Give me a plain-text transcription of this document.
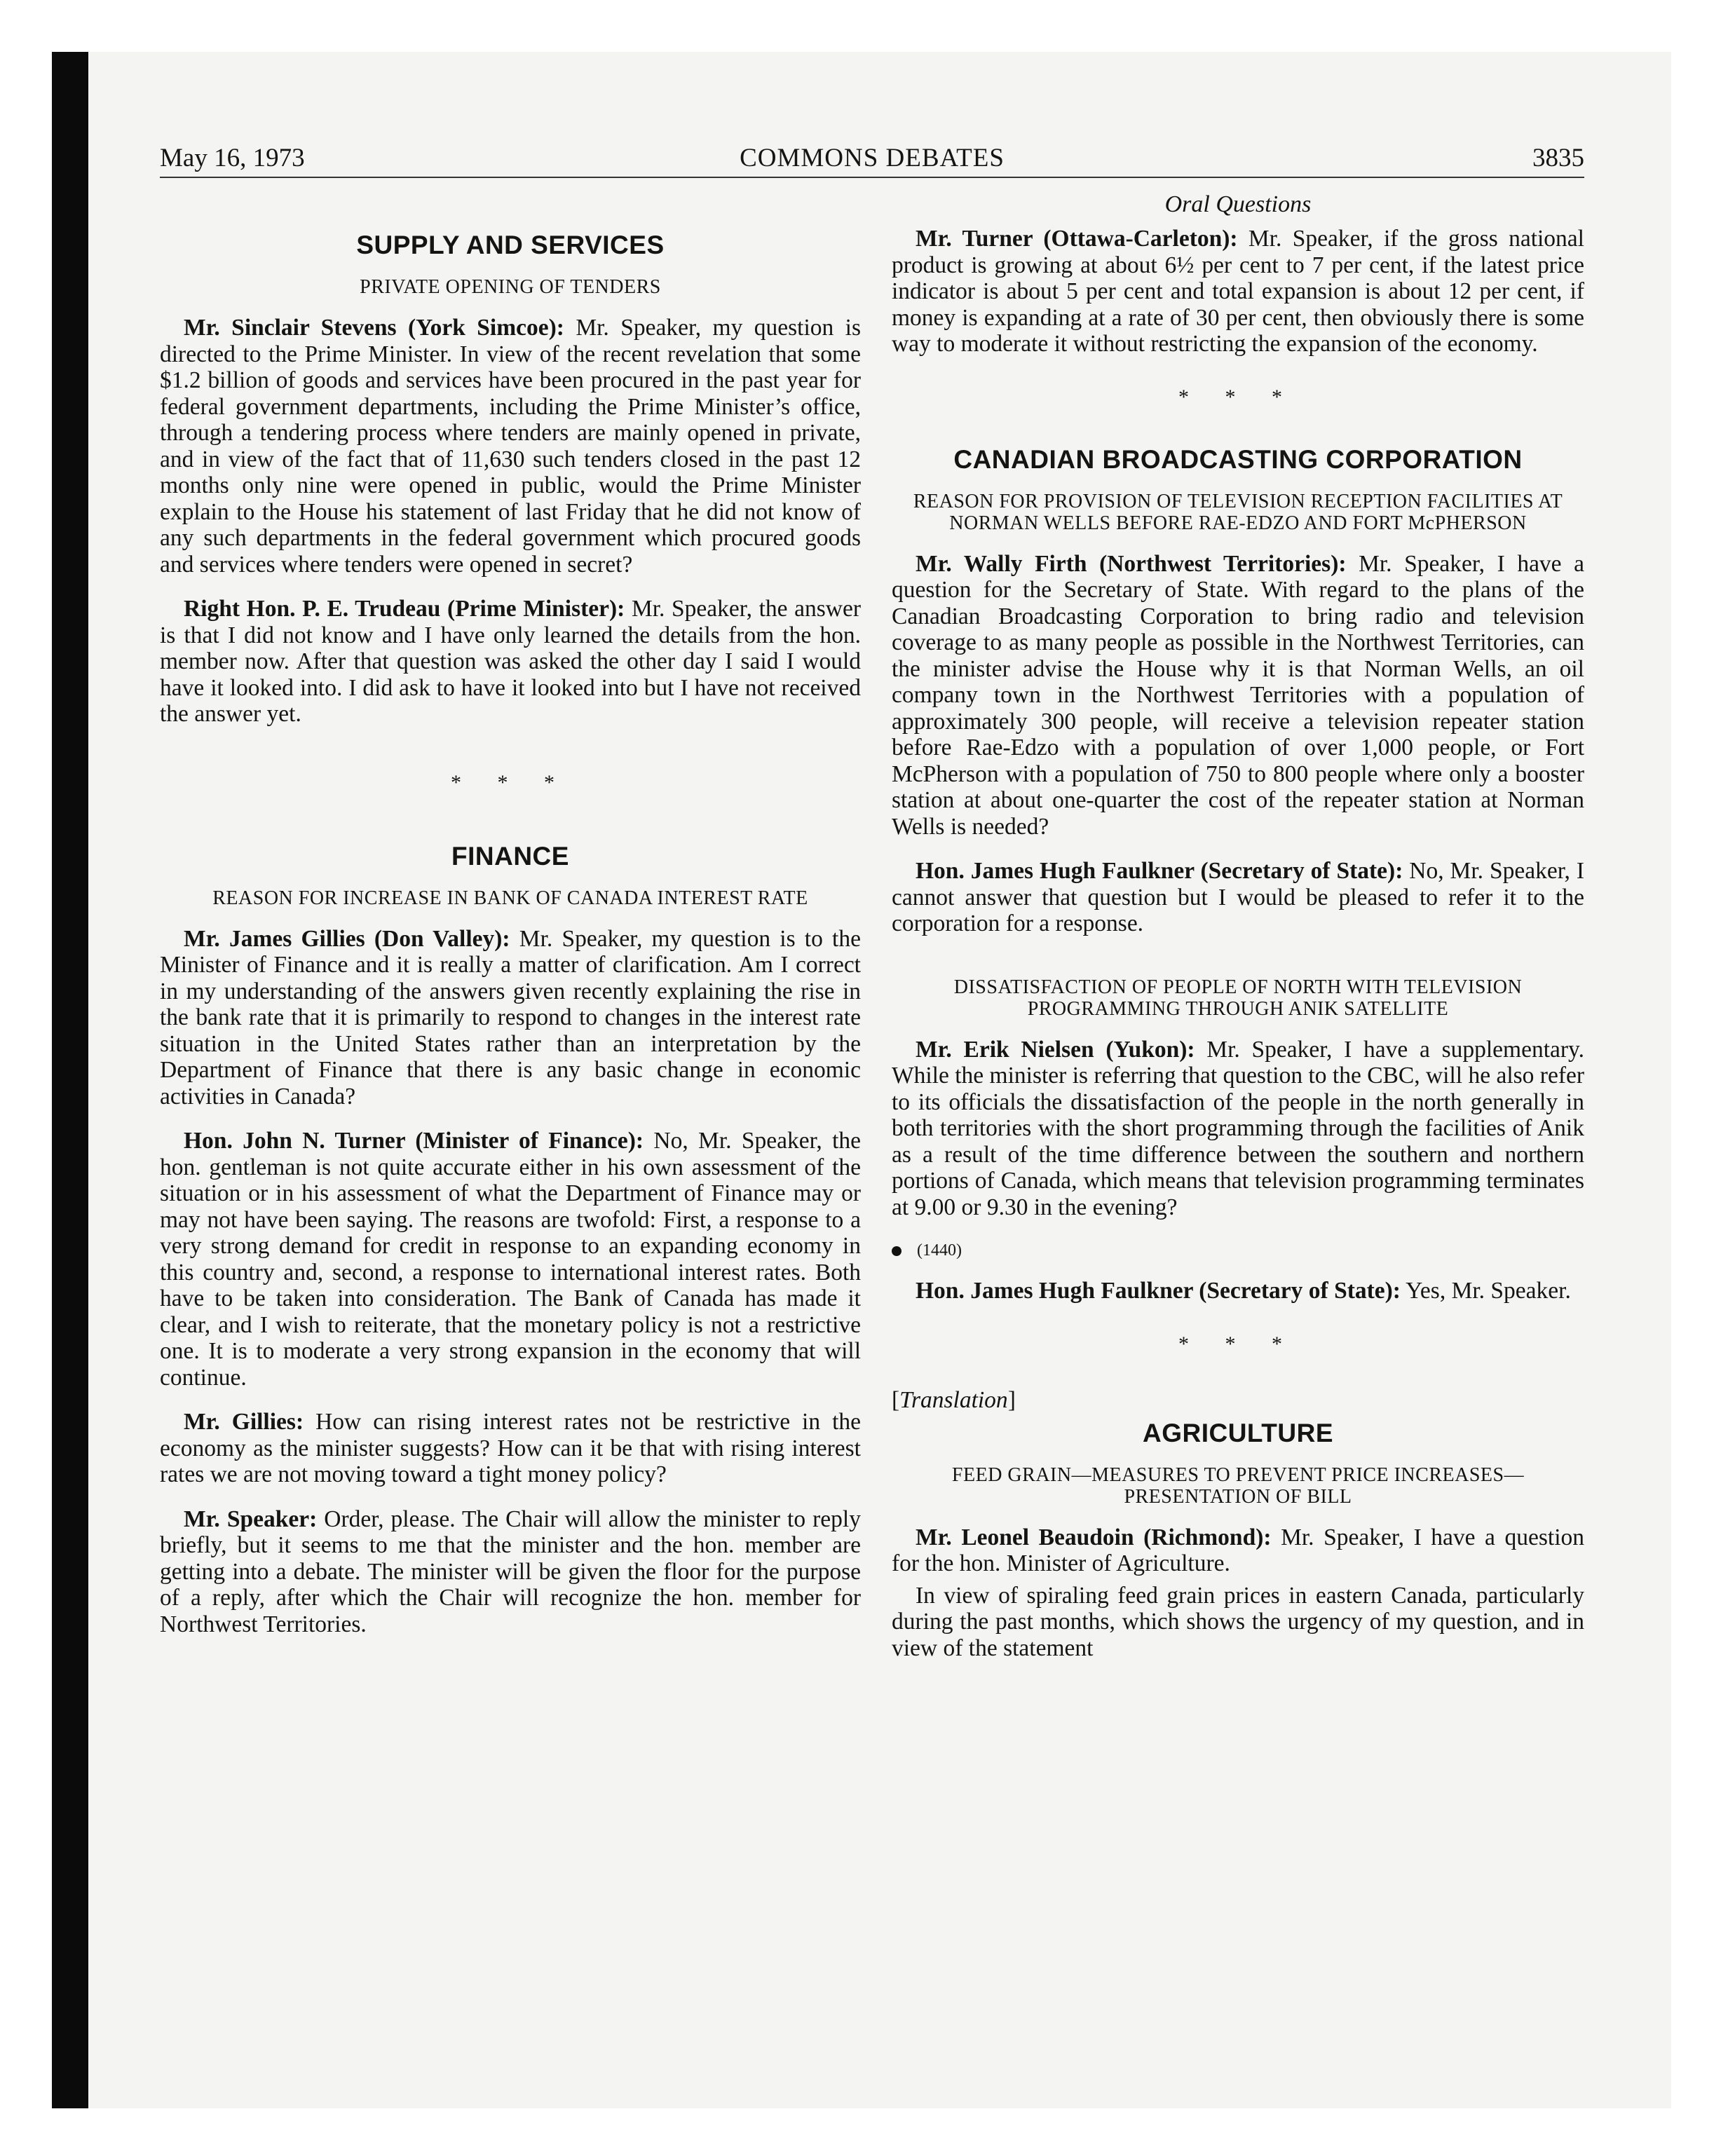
May 16, 1973	COMMONS DEBATES	3835
SUPPLY AND SERVICES
PRIVATE OPENING OF TENDERS

Mr. Sinclair Stevens (York Simcoe): Mr. Speaker, my question is directed to the Prime Minister. In view of the recent revelation that some $1.2 billion of goods and services have been procured in the past year for federal government departments, including the Prime Minister’s office, through a tendering process where tenders are mainly opened in private, and in view of the fact that of 11,630 such tenders closed in the past 12 months only nine were opened in public, would the Prime Minister explain to the House his statement of last Friday that he did not know of any such departments in the federal government which procured goods and services where tenders were opened in secret?

Right Hon. P. E. Trudeau (Prime Minister): Mr. Speaker, the answer is that I did not know and I have only learned the details from the hon. member now. After that question was asked the other day I said I would have it looked into. I did ask to have it looked into but I have not received the answer yet.

* * *
FINANCE
REASON FOR INCREASE IN BANK OF CANADA INTEREST RATE

Mr. James Gillies (Don Valley): Mr. Speaker, my question is to the Minister of Finance and it is really a matter of clarification. Am I correct in my understanding of the answers given recently explaining the rise in the bank rate that it is primarily to respond to changes in the interest rate situation in the United States rather than an interpretation by the Department of Finance that there is any basic change in economic activities in Canada?

Hon. John N. Turner (Minister of Finance): No, Mr. Speaker, the hon. gentleman is not quite accurate either in his own assessment of the situation or in his assessment of what the Department of Finance may or may not have been saying. The reasons are twofold: First, a response to a very strong demand for credit in response to an expanding economy in this country and, second, a response to international interest rates. Both have to be taken into consideration. The Bank of Canada has made it clear, and I wish to reiterate, that the monetary policy is not a restrictive one. It is to moderate a very strong expansion in the economy that will continue.

Mr. Gillies: How can rising interest rates not be restrictive in the economy as the minister suggests? How can it be that with rising interest rates we are not moving toward a tight money policy?

Mr. Speaker: Order, please. The Chair will allow the minister to reply briefly, but it seems to me that the minister and the hon. member are getting into a debate. The minister will be given the floor for the purpose of a reply, after which the Chair will recognize the hon. member for Northwest Territories.

Oral Questions

Mr. Turner (Ottawa-Carleton): Mr. Speaker, if the gross national product is growing at about 6½ per cent to 7 per cent, if the latest price indicator is about 5 per cent and total expansion is about 12 per cent, if money is expanding at a rate of 30 per cent, then obviously there is some way to moderate it without restricting the expansion of the economy.

* * *
CANADIAN BROADCASTING CORPORATION
REASON FOR PROVISION OF TELEVISION RECEPTION FACILITIES AT NORMAN WELLS BEFORE RAE-EDZO AND FORT McPHERSON

Mr. Wally Firth (Northwest Territories): Mr. Speaker, I have a question for the Secretary of State. With regard to the plans of the Canadian Broadcasting Corporation to bring radio and television coverage to as many people as possible in the Northwest Territories, can the minister advise the House why it is that Norman Wells, an oil company town in the Northwest Territories with a population of approximately 300 people, will receive a television repeater station before Rae-Edzo with a population of over 1,000 people, or Fort McPherson with a population of 750 to 800 people where only a booster station at about one-quarter the cost of the repeater station at Norman Wells is needed?

Hon. James Hugh Faulkner (Secretary of State): No, Mr. Speaker, I cannot answer that question but I would be pleased to refer it to the corporation for a response.

DISSATISFACTION OF PEOPLE OF NORTH WITH TELEVISION PROGRAMMING THROUGH ANIK SATELLITE

Mr. Erik Nielsen (Yukon): Mr. Speaker, I have a supplementary. While the minister is referring that question to the CBC, will he also refer to its officials the dissatisfaction of the people in the north generally in both territories with the short programming through the facilities of Anik as a result of the time difference between the southern and northern portions of Canada, which means that television programming terminates at 9.00 or 9.30 in the evening?

(1440)

Hon. James Hugh Faulkner (Secretary of State): Yes, Mr. Speaker.

* * *
[Translation]
AGRICULTURE
FEED GRAIN—MEASURES TO PREVENT PRICE INCREASES—PRESENTATION OF BILL

Mr. Leonel Beaudoin (Richmond): Mr. Speaker, I have a question for the hon. Minister of Agriculture.

In view of spiraling feed grain prices in eastern Canada, particularly during the past months, which shows the urgency of my question, and in view of the statement
